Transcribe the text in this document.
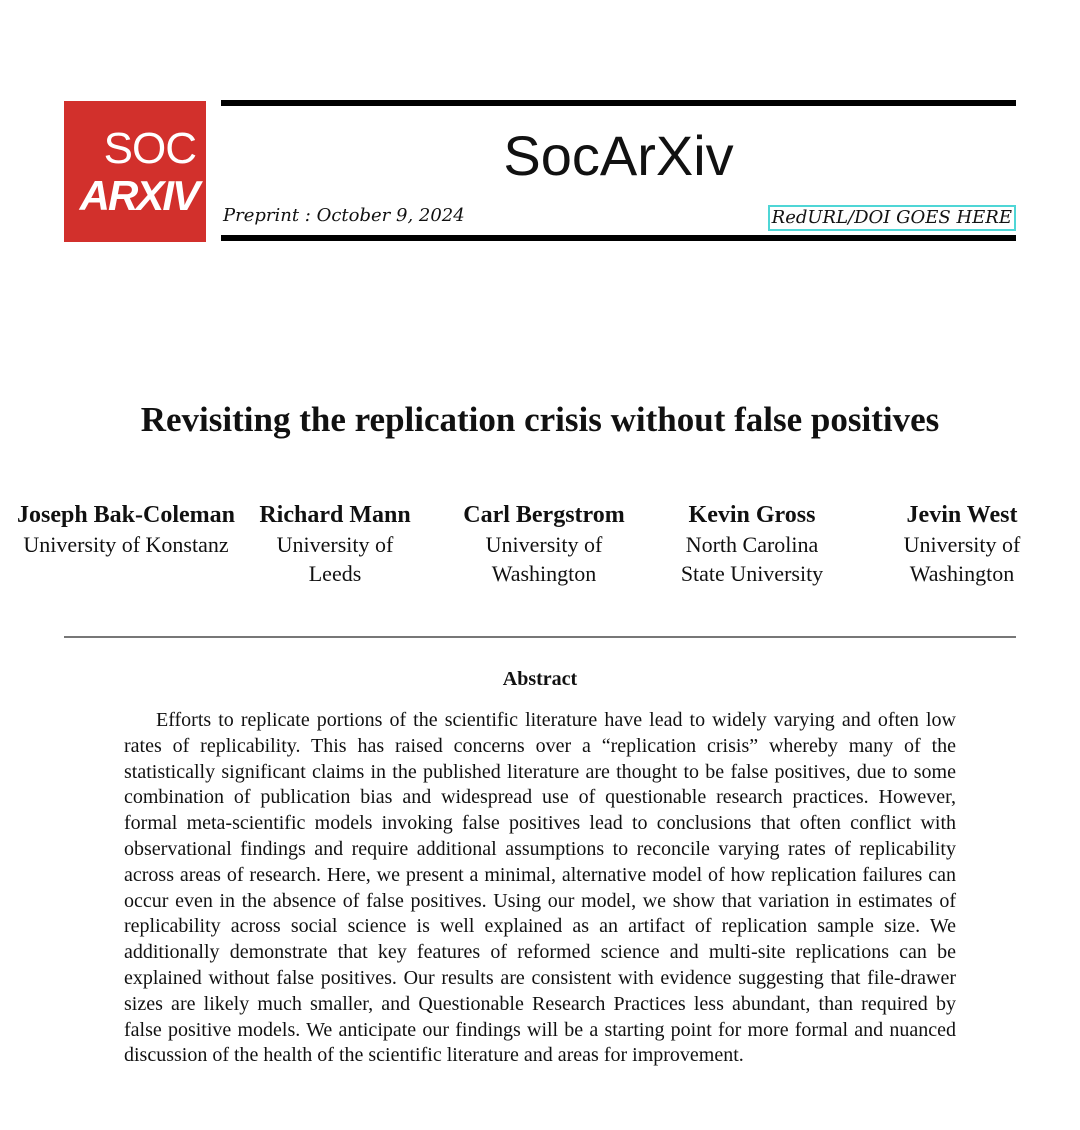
SOC
ARXIV
SocArXiv
Preprint : October 9, 2024	RedURL/DOI GOES HERE
Revisiting the replication crisis without false positives
Joseph Bak-Coleman
University of Konstanz
Richard Mann
University of Leeds
Carl Bergstrom
University of Washington
Kevin Gross
North Carolina State University
Jevin West
University of Washington
Abstract
Efforts to replicate portions of the scientific literature have lead to widely varying and often low rates of replicability. This has raised concerns over a “replication crisis” whereby many of the statistically significant claims in the published literature are thought to be false positives, due to some combination of publication bias and widespread use of questionable research practices. However, formal meta-scientific models invoking false positives lead to conclusions that often conflict with observational findings and require additional assumptions to reconcile varying rates of replicability across areas of research. Here, we present a minimal, alternative model of how replication failures can occur even in the absence of false positives. Using our model, we show that variation in estimates of replicability across social science is well explained as an artifact of replication sample size. We additionally demonstrate that key features of reformed science and multi-site replications can be explained without false positives. Our results are consistent with evidence suggesting that file-drawer sizes are likely much smaller, and Questionable Research Practices less abundant, than required by false positive models. We anticipate our findings will be a starting point for more formal and nuanced discussion of the health of the scientific literature and areas for improvement.
